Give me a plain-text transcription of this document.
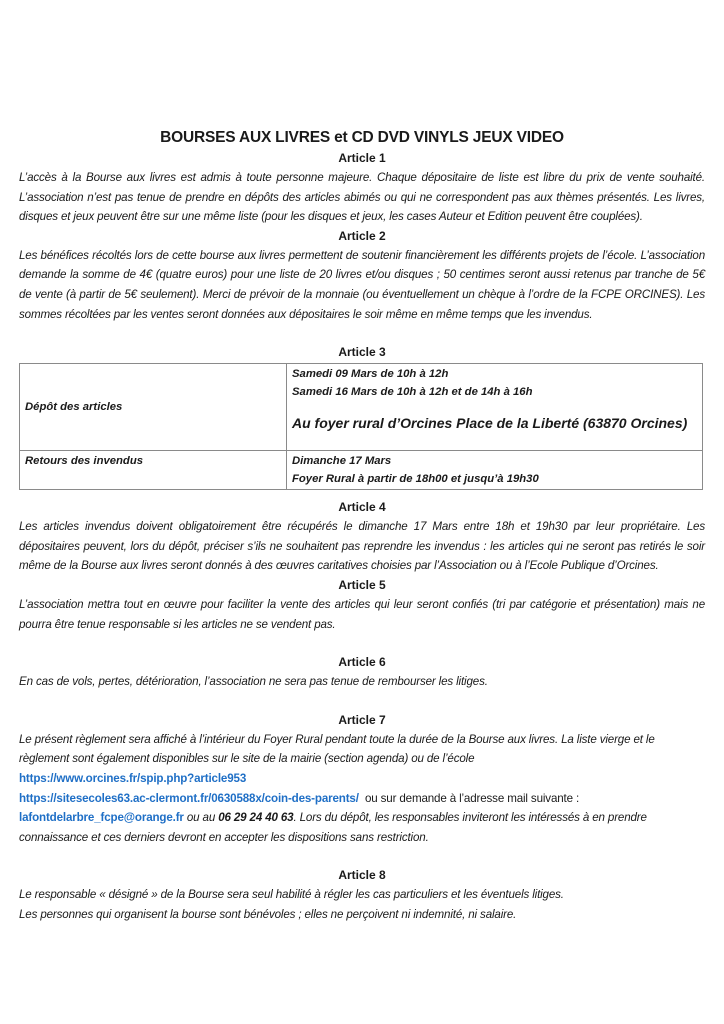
BOURSES AUX LIVRES et CD DVD VINYLS JEUX VIDEO
Article 1

L’accès à la Bourse aux livres est admis à toute personne majeure. Chaque dépositaire de liste est libre du prix de vente souhaité. L’association n’est pas tenue de prendre en dépôts des articles abimés ou qui ne correspondent pas aux thèmes présentés. Les livres, disques et jeux peuvent être sur une même liste (pour les disques et jeux, les cases Auteur et Edition peuvent être couplées).

Article 2

Les bénéfices récoltés lors de cette bourse aux livres permettent de soutenir financièrement les différents projets de l’école. L’association demande la somme de 4€ (quatre euros) pour une liste de 20 livres et/ou disques ; 50 centimes seront aussi retenus par tranche de 5€ de vente (à partir de 5€ seulement). Merci de prévoir de la monnaie (ou éventuellement un chèque à l’ordre de la FCPE ORCINES). Les sommes récoltées par les ventes seront données aux dépositaires le soir même en même temps que les invendus.

Article 3
Dépôt des articles	Samedi 09 Mars de 10h à 12h
Samedi 16 Mars de 10h à 12h et de 14h à 16h
Au foyer rural d’Orcines Place de la Liberté (63870 Orcines)

Retours des invendus	Dimanche 17 Mars
Foyer Rural à partir de 18h00 et jusqu’à 19h30
Article 4

Les articles invendus doivent obligatoirement être récupérés le dimanche 17 Mars entre 18h et 19h30 par leur propriétaire. Les dépositaires peuvent, lors du dépôt, préciser s’ils ne souhaitent pas reprendre les invendus : les articles qui ne seront pas retirés le soir même de la Bourse aux livres seront donnés à des œuvres caritatives choisies par l’Association ou à l’Ecole Publique d’Orcines.

Article 5

L’association mettra tout en œuvre pour faciliter la vente des articles qui leur seront confiés (tri par catégorie et présentation) mais ne pourra être tenue responsable si les articles ne se vendent pas.

Article 6

En cas de vols, pertes, détérioration, l’association ne sera pas tenue de rembourser les litiges.

Article 7

Le présent règlement sera affiché à l’intérieur du Foyer Rural pendant toute la durée de la Bourse aux livres. La liste vierge et le règlement sont également disponibles sur le site de la mairie (section agenda) ou de l’école

https://www.orcines.fr/spip.php?article953
https://sitesecoles63.ac-clermont.fr/0630588x/coin-des-parents/ ou sur demande à l’adresse mail suivante :
lafontdelarbre_fcpe@orange.fr ou au 06 29 24 40 63. Lors du dépôt, les responsables inviteront les intéressés à en prendre connaissance et ces derniers devront en accepter les dispositions sans restriction.

Article 8

Le responsable « désigné » de la Bourse sera seul habilité à régler les cas particuliers et les éventuels litiges.

Les personnes qui organisent la bourse sont bénévoles ; elles ne perçoivent ni indemnité, ni salaire.
